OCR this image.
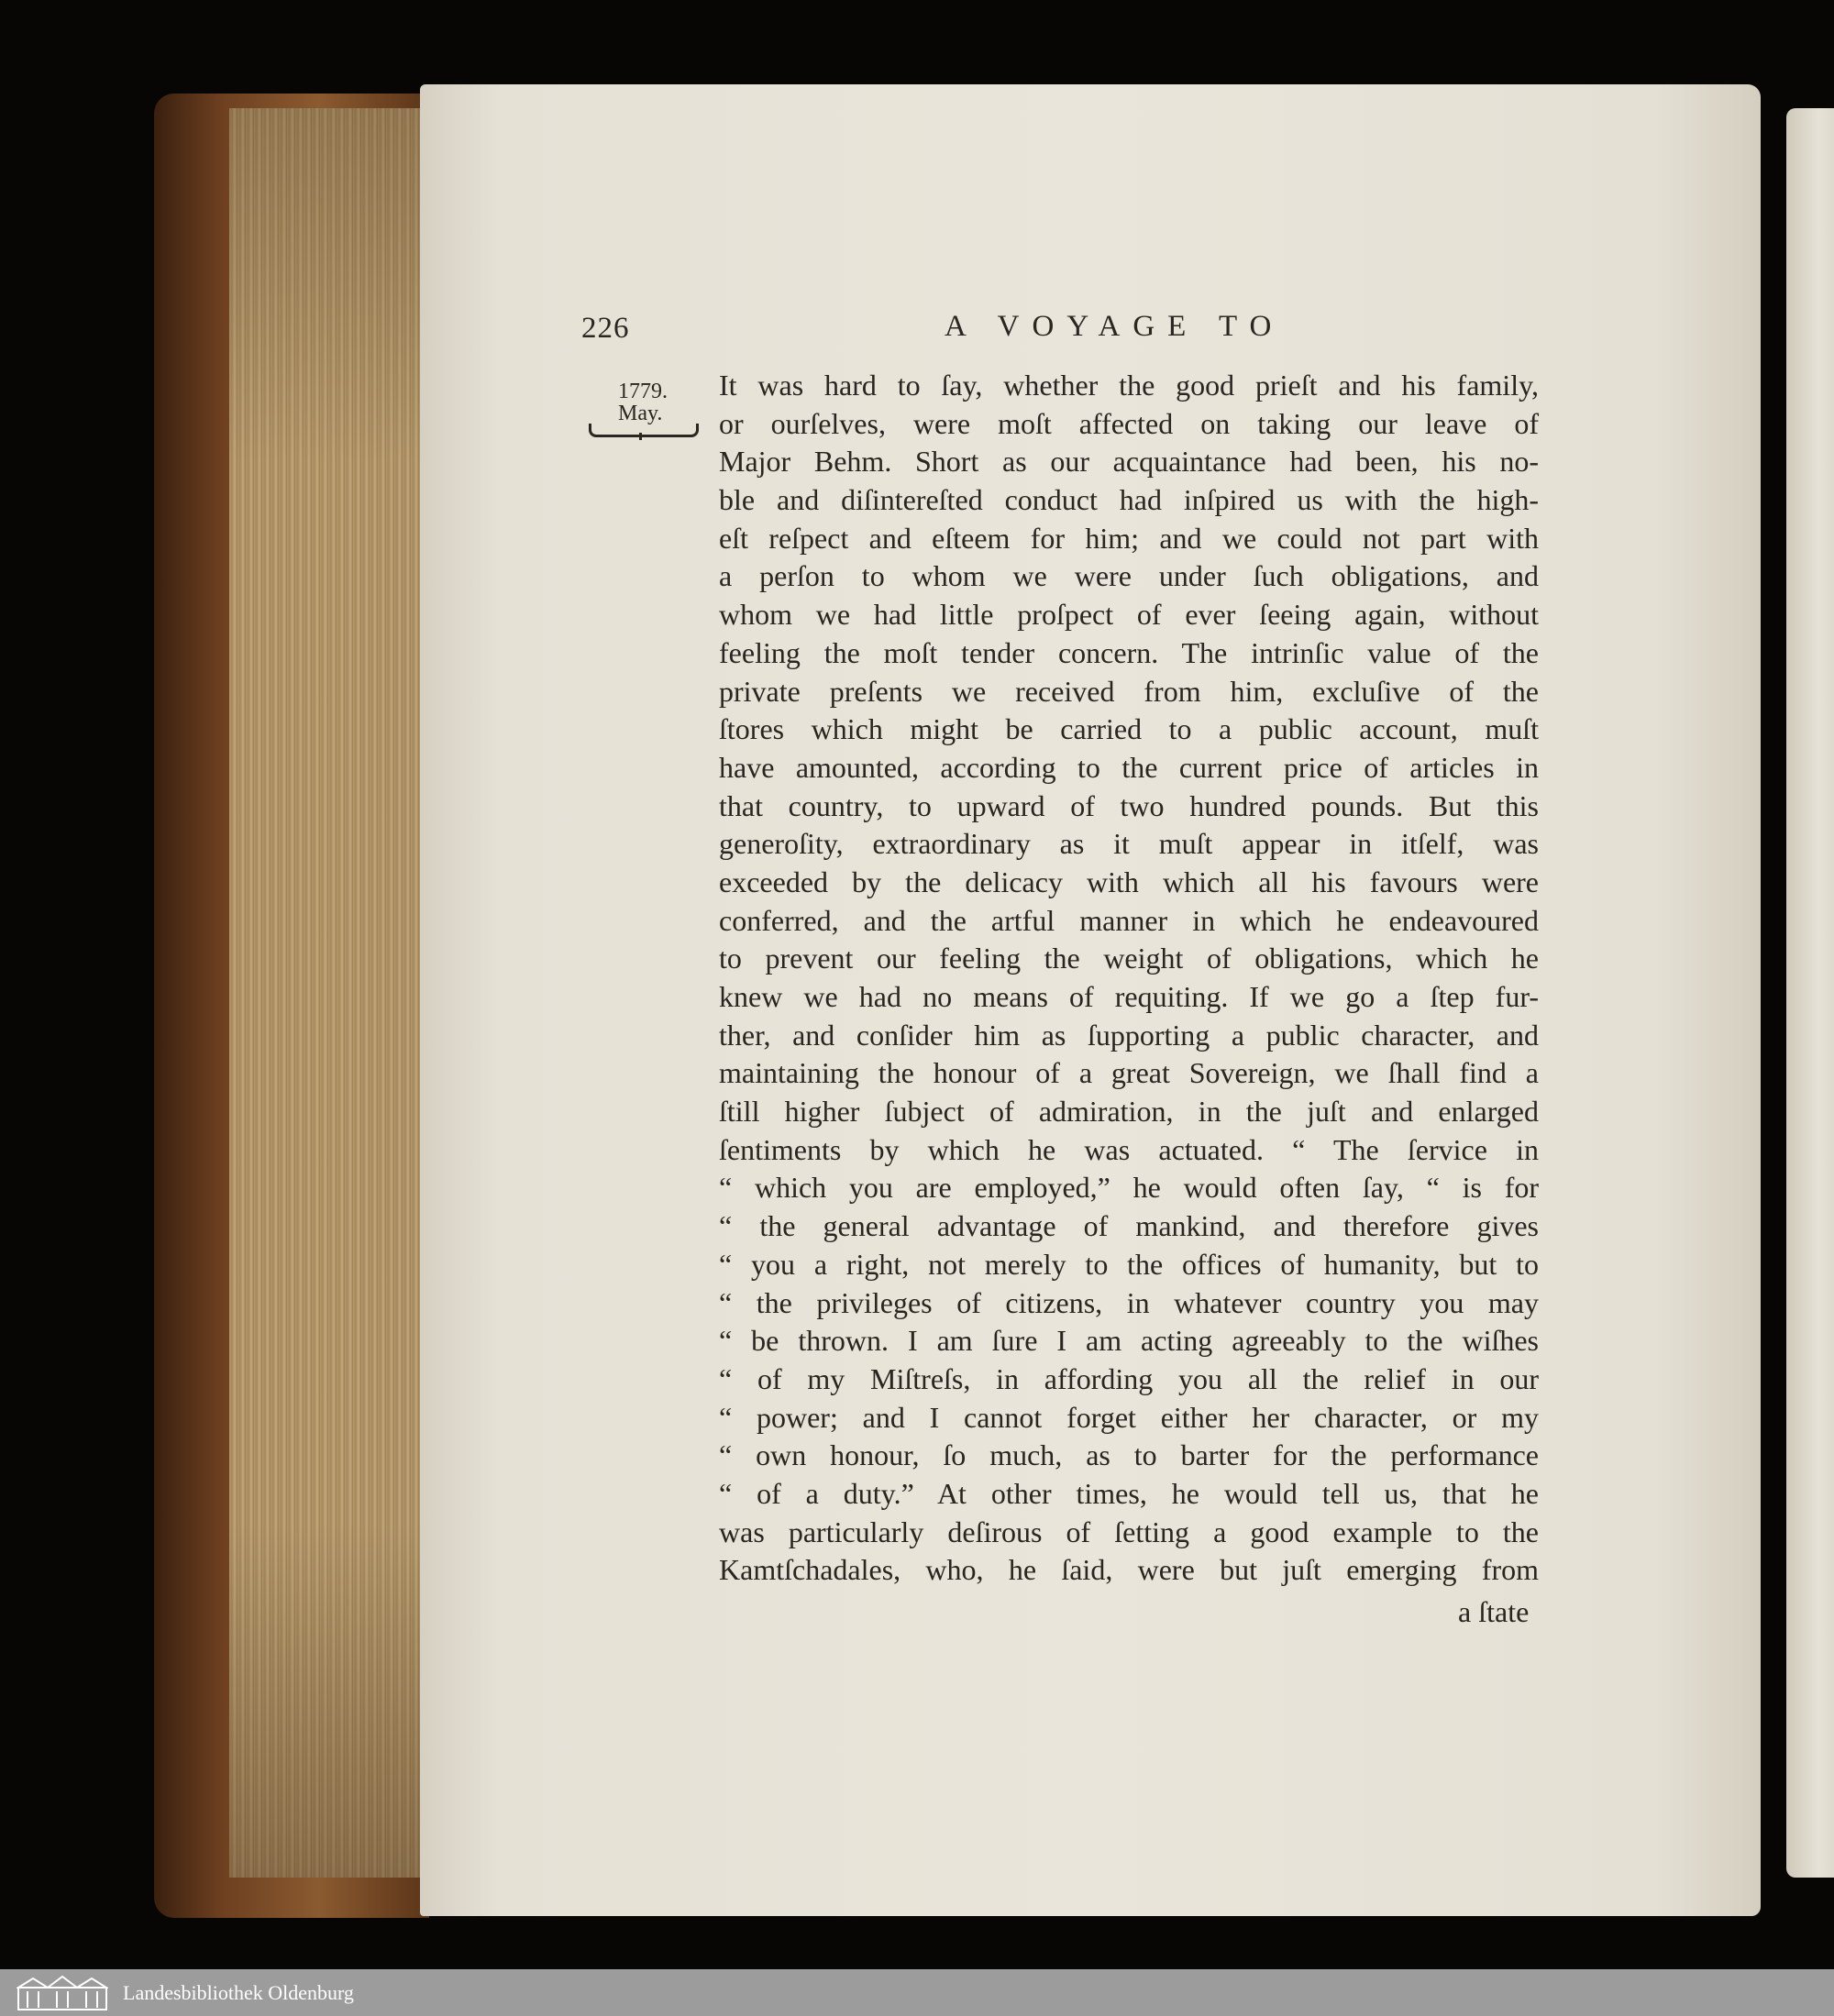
226	A VOYAGE TO
1779.
May.
It was hard to ſay, whether the good prieſt and his family,
or ourſelves, were moſt affected on taking our leave of
Major Behm. Short as our acquaintance had been, his no-
ble and diſintereſted conduct had inſpired us with the high-
eſt reſpect and eſteem for him; and we could not part with
a perſon to whom we were under ſuch obligations, and
whom we had little proſpect of ever ſeeing again, without
feeling the moſt tender concern. The intrinſic value of the
private preſents we received from him, excluſive of the
ſtores which might be carried to a public account, muſt
have amounted, according to the current price of articles in
that country, to upward of two hundred pounds. But this
generoſity, extraordinary as it muſt appear in itſelf, was
exceeded by the delicacy with which all his favours were
conferred, and the artful manner in which he endeavoured
to prevent our feeling the weight of obligations, which he
knew we had no means of requiting. If we go a ſtep fur-
ther, and conſider him as ſupporting a public character, and
maintaining the honour of a great Sovereign, we ſhall find a
ſtill higher ſubject of admiration, in the juſt and enlarged
ſentiments by which he was actuated. “ The ſervice in
“ which you are employed,” he would often ſay, “ is for
“ the general advantage of mankind, and therefore gives
“ you a right, not merely to the offices of humanity, but to
“ the privileges of citizens, in whatever country you may
“ be thrown. I am ſure I am acting agreeably to the wiſhes
“ of my Miſtreſs, in affording you all the relief in our
“ power; and I cannot forget either her character, or my
“ own honour, ſo much, as to barter for the performance
“ of a duty.” At other times, he would tell us, that he
was particularly deſirous of ſetting a good example to the
Kamtſchadales, who, he ſaid, were but juſt emerging from
a ſtate
Landesbibliothek Oldenburg
